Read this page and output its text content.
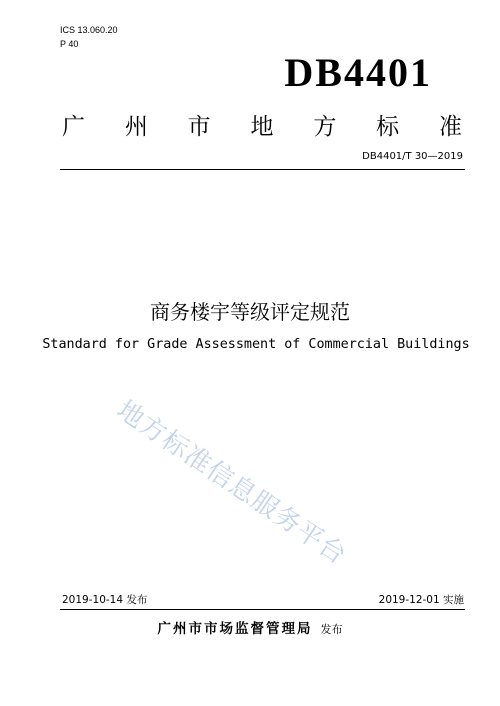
ICS 13.060.20
P 40
DB4401
广 州 市 地 方 标 准
DB4401/T 30—2019
商务楼宇等级评定规范
Standard for Grade Assessment of Commercial Buildings
地方标准信息服务平台
2019-10-14 发布	2019-12-01 实施
广州市市场监督管理局 发布
